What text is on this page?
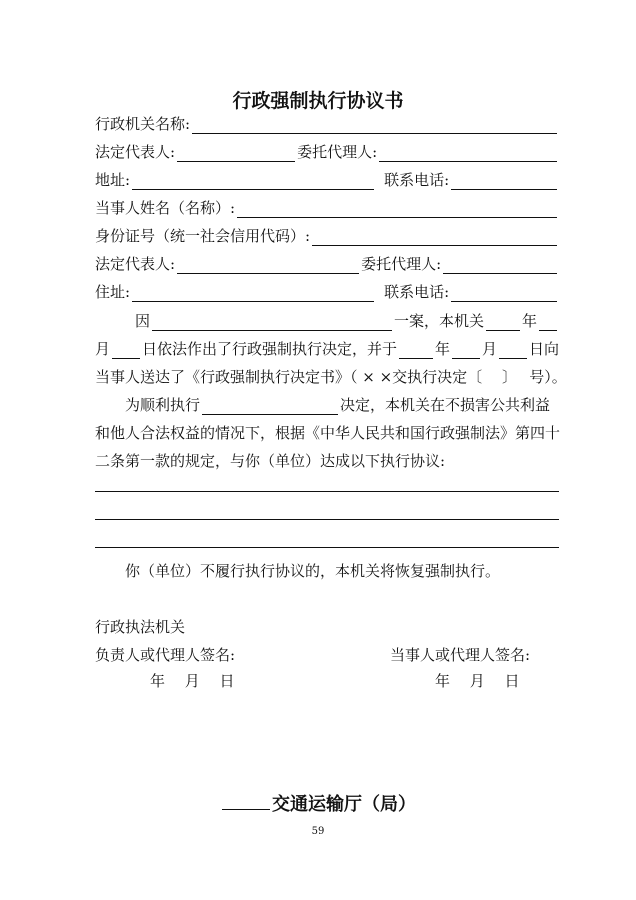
行政强制执行协议书
行政机关名称:
法定代表人:	委托代理人:
地址:	联系电话:
当事人姓名（名称）:
身份证号（统一社会信用代码）:
法定代表人:	委托代理人:
住址:	联系电话:
因	一案，本机关	年
月 日依法作出了行政强制执行决定，并于	年 月 日向
当事人送达了《行政强制执行决定书》（ × ×交执行决定〔　 〕　 号）。
为顺利执行	决定，本机关在不损害公共利益
和他人合法权益的情况下，根据《中华人民共和国行政强制法》第四十
二条第一款的规定，与你（单位）达成以下执行协议:
你（单位）不履行执行协议的，本机关将恢复强制执行。
行政执法机关
负责人或代理人签名:	当事人或代理人签名:
年　 月　 日	年　 月　 日
交通运输厅（局）
59
